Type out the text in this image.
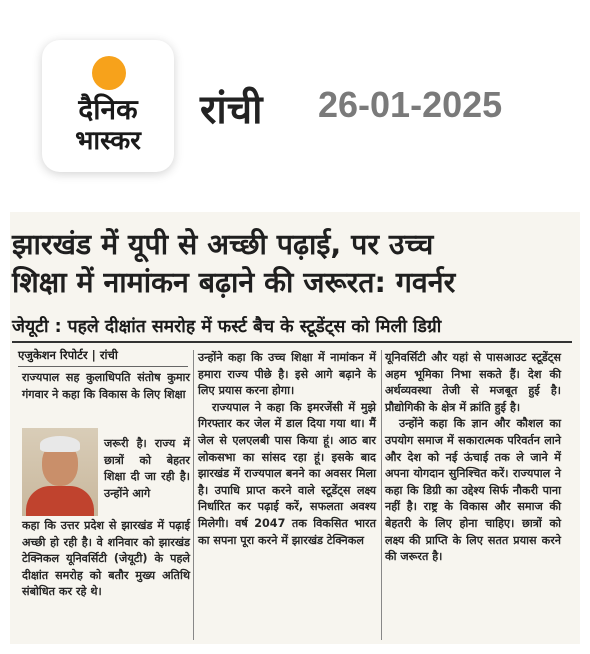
दैनिक
भास्कर
रांची 26-01-2025
झारखंड में यूपी से अच्छी पढ़ाई, पर उच्च
शिक्षा में नामांकन बढ़ाने की जरूरत: गवर्नर
जेयूटी : पहले दीक्षांत समरोह में फर्स्ट बैच के स्टूडेंट्स को मिली डिग्री
एजुकेशन रिपोर्टर | रांची
राज्यपाल सह कुलाधिपति संतोष कुमार गंगवार ने कहा कि विकास के लिए शिक्षा
जरूरी है। राज्य में छात्रों को बेहतर शिक्षा दी जा रही है। उन्होंने आगे
कहा कि उत्तर प्रदेश से झारखंड में पढ़ाई अच्छी हो रही है। वे शनिवार को झारखंड टेक्निकल यूनिवर्सिटी (जेयूटी) के पहले दीक्षांत समरोह को बतौर मुख्य अतिथि संबोधित कर रहे थे।

उन्होंने कहा कि उच्च शिक्षा में नामांकन में हमारा राज्य पीछे है। इसे आगे बढ़ाने के लिए प्रयास करना होगा।

राज्यपाल ने कहा कि इमरजेंसी में मुझे गिरफ्तार कर जेल में डाल दिया गया था। मैं जेल से एलएलबी पास किया हूं। आठ बार लोकसभा का सांसद रहा हूं। इसके बाद झारखंड में राज्यपाल बनने का अवसर मिला है। उपाधि प्राप्त करने वाले स्टूडेंट्स लक्ष्य निर्धारित कर पढ़ाई करें, सफलता अवश्य मिलेगी। वर्ष 2047 तक विकसित भारत का सपना पूरा करने में झारखंड टेक्निकल

यूनिवर्सिटी और यहां से पासआउट स्टूडेंट्स अहम भूमिका निभा सकते हैं। देश की अर्थव्यवस्था तेजी से मजबूत हुई है। प्रौद्योगिकी के क्षेत्र में क्रांति हुई है।

उन्होंने कहा कि ज्ञान और कौशल का उपयोग समाज में सकारात्मक परिवर्तन लाने और देश को नई ऊंचाई तक ले जाने में अपना योगदान सुनिश्चित करें। राज्यपाल ने कहा कि डिग्री का उद्देश्य सिर्फ नौकरी पाना नहीं है। राष्ट्र के विकास और समाज की बेहतरी के लिए होना चाहिए। छात्रों को लक्ष्य की प्राप्ति के लिए सतत प्रयास करने की जरूरत है।
